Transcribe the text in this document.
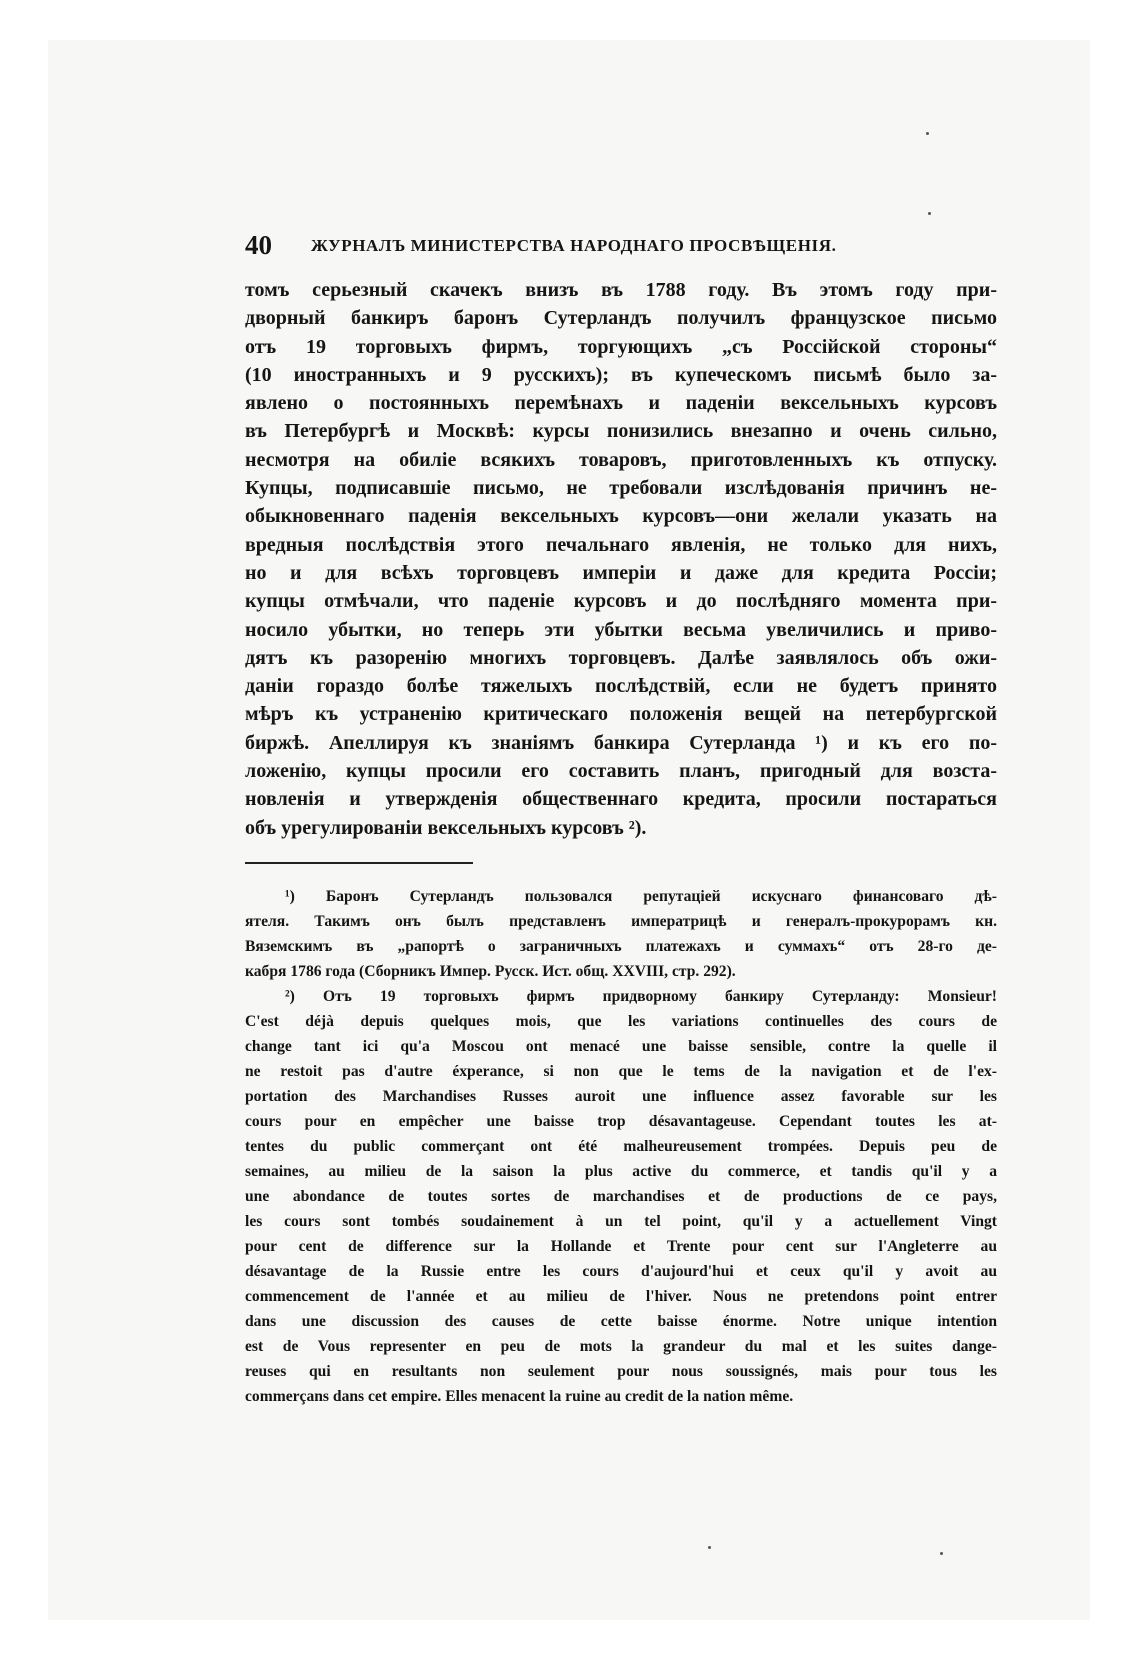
40 ЖУРНАЛЪ МИНИСТЕРСТВА НАРОДНАГО ПРОСВѢЩЕНІЯ.
томъ серьезный скачекъ внизъ въ 1788 году. Въ этомъ году при-
дворный банкиръ баронъ Сутерландъ получилъ французское письмо
отъ 19 торговыхъ фирмъ, торгующихъ „съ Россійской стороны“
(10 иностранныхъ и 9 русскихъ); въ купеческомъ письмѣ было за-
явлено о постоянныхъ перемѣнахъ и паденіи вексельныхъ курсовъ
въ Петербургѣ и Москвѣ: курсы понизились внезапно и очень сильно,
несмотря на обиліе всякихъ товаровъ, приготовленныхъ къ отпуску.
Купцы, подписавшіе письмо, не требовали изслѣдованія причинъ не-
обыкновеннаго паденія вексельныхъ курсовъ—они желали указать на
вредныя послѣдствія этого печальнаго явленія, не только для нихъ,
но и для всѣхъ торговцевъ имперіи и даже для кредита Россіи;
купцы отмѣчали, что паденіе курсовъ и до послѣдняго момента при-
носило убытки, но теперь эти убытки весьма увеличились и приво-
дятъ къ разоренію многихъ торговцевъ. Далѣе заявлялось объ ожи-
даніи гораздо болѣе тяжелыхъ послѣдствій, если не будетъ принято
мѣръ къ устраненію критическаго положенія вещей на петербургской
биржѣ. Апеллируя къ знаніямъ банкира Сутерланда ¹) и къ его по-
ложенію, купцы просили его составить планъ, пригодный для возста-
новленія и утвержденія общественнаго кредита, просили постараться
объ урегулированіи вексельныхъ курсовъ ²).
¹) Баронъ Сутерландъ пользовался репутаціей искуснаго финансоваго дѣ-
ятеля. Такимъ онъ былъ представленъ императрицѣ и генералъ-прокурорамъ кн.
Вяземскимъ въ „рапортѣ о заграничныхъ платежахъ и суммахъ“ отъ 28-го де-
кабря 1786 года (Сборникъ Импер. Русск. Ист. общ. XXVIII, стр. 292).
²) Отъ 19 торговыхъ фирмъ придворному банкиру Сутерланду: Monsieur!
C'est déjà depuis quelques mois, que les variations continuelles des cours de
change tant ici qu'a Moscou ont menacé une baisse sensible, contre la quelle il
ne restoit pas d'autre éxperance, si non que le tems de la navigation et de l'ex-
portation des Marchandises Russes auroit une influence assez favorable sur les
cours pour en empêcher une baisse trop désavantageuse. Cependant toutes les at-
tentes du public commerçant ont été malheureusement trompées. Depuis peu de
semaines, au milieu de la saison la plus active du commerce, et tandis qu'il y a
une abondance de toutes sortes de marchandises et de productions de ce pays,
les cours sont tombés soudainement à un tel point, qu'il y a actuellement Vingt
pour cent de difference sur la Hollande et Trente pour cent sur l'Angleterre au
désavantage de la Russie entre les cours d'aujourd'hui et ceux qu'il y avoit au
commencement de l'année et au milieu de l'hiver. Nous ne pretendons point entrer
dans une discussion des causes de cette baisse énorme. Notre unique intention
est de Vous representer en peu de mots la grandeur du mal et les suites dange-
reuses qui en resultants non seulement pour nous soussignés, mais pour tous les
commerçans dans cet empire. Elles menacent la ruine au credit de la nation même.
